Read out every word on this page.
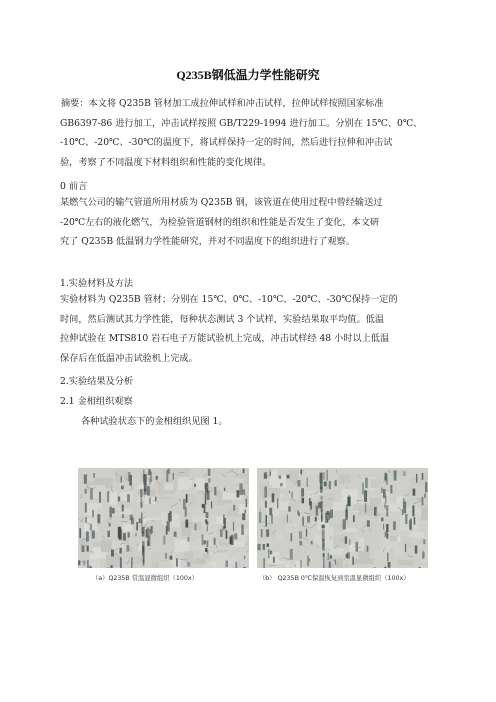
Q235B钢低温力学性能研究
摘要：本文将 Q235B 管材加工成拉伸试样和冲击试样，拉伸试样按照国家标准
GB6397-86 进行加工，冲击试样按照 GB/T229-1994 进行加工。分别在 15℃、0℃、
-10℃、-20℃、-30℃的温度下，将试样保持一定的时间，然后进行拉伸和冲击试
验，考察了不同温度下材料组织和性能的变化规律。
0 前言
某燃气公司的输气管道所用材质为 Q235B 钢，该管道在使用过程中曾经输送过
-20℃左右的液化燃气，为检验管道钢材的组织和性能是否发生了变化，本文研
究了 Q235B 低温钢力学性能研究，并对不同温度下的组织进行了观察。
1.实验材料及方法
实验材料为 Q235B 管材；分别在 15℃、0℃、-10℃、-20℃、-30℃保持一定的
时间，然后测试其力学性能，每种状态测试 3 个试样，实验结果取平均值。低温
拉伸试验在 MTS810 岩石电子万能试验机上完成，冲击试样经 48 小时以上低温
保存后在低温冲击试验机上完成。
2.实验结果及分析
2.1 金相组织观察
各种试验状态下的金相组织见图 1。
（a）Q235B 常温显微组织（100x）	（b） Q235B 0℃保温恢复到室温显微组织（100x）
